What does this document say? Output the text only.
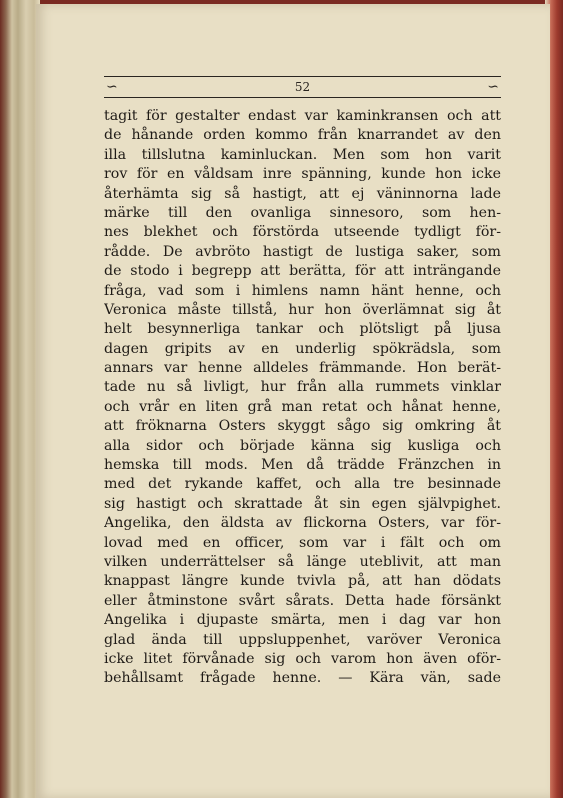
∽	52	∽
tagit för gestalter endast var kaminkransen och att
de hånande orden kommo från knarrandet av den
illa tillslutna kaminluckan. Men som hon varit
rov för en våldsam inre spänning, kunde hon icke
återhämta sig så hastigt, att ej väninnorna lade
märke till den ovanliga sinnesoro, som hen-
nes blekhet och förstörda utseende tydligt för-
rådde. De avbröto hastigt de lustiga saker, som
de stodo i begrepp att berätta, för att inträngande
fråga, vad som i himlens namn hänt henne, och
Veronica måste tillstå, hur hon överlämnat sig åt
helt besynnerliga tankar och plötsligt på ljusa
dagen gripits av en underlig spökrädsla, som
annars var henne alldeles främmande. Hon berät-
tade nu så livligt, hur från alla rummets vinklar
och vrår en liten grå man retat och hånat henne,
att fröknarna Osters skyggt sågo sig omkring åt
alla sidor och började känna sig kusliga och
hemska till mods. Men då trädde Fränzchen in
med det rykande kaffet, och alla tre besinnade
sig hastigt och skrattade åt sin egen självpighet.
Angelika, den äldsta av flickorna Osters, var för-
lovad med en officer, som var i fält och om
vilken underrättelser så länge uteblivit, att man
knappast längre kunde tvivla på, att han dödats
eller åtminstone svårt sårats. Detta hade försänkt
Angelika i djupaste smärta, men i dag var hon
glad ända till uppsluppenhet, varöver Veronica
icke litet förvånade sig och varom hon även oför-
behållsamt frågade henne. — Kära vän, sade
